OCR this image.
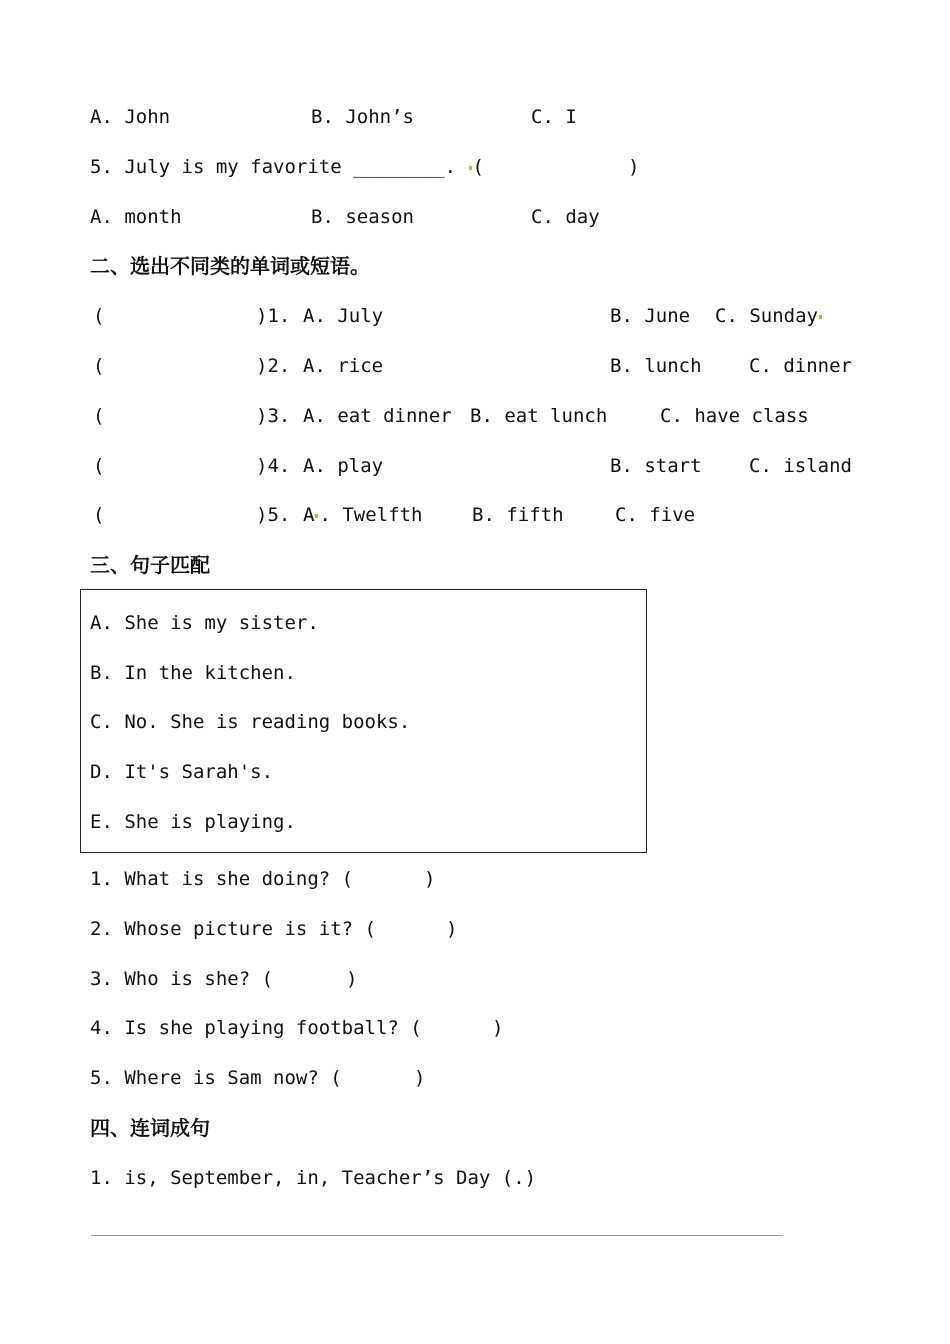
A. John	B. John’s	C. I
5. July is my favorite ________. (	)
A. month	B. season	C. day
二、选出不同类的单词或短语。
(	)1. A. July	B. June C. Sunday
(	)2. A. rice	B. lunch C. dinner
(	)3. A. eat dinner B. eat lunch	C. have class
(	)4. A. play	B. start C. island
(	)5. A . Twelfth	B. fifth	C. five
三、句子匹配
A. She is my sister.
B. In the kitchen.
C. No. She is reading books.
D. It's Sarah's.
E. She is playing.
1. What is she doing? (	)
2. Whose picture is it? (	)
3. Who is she? (	)
4. Is she playing football? (	)
5. Where is Sam now? (	)
四、连词成句
1. is, September, in, Teacher’s Day (.)
